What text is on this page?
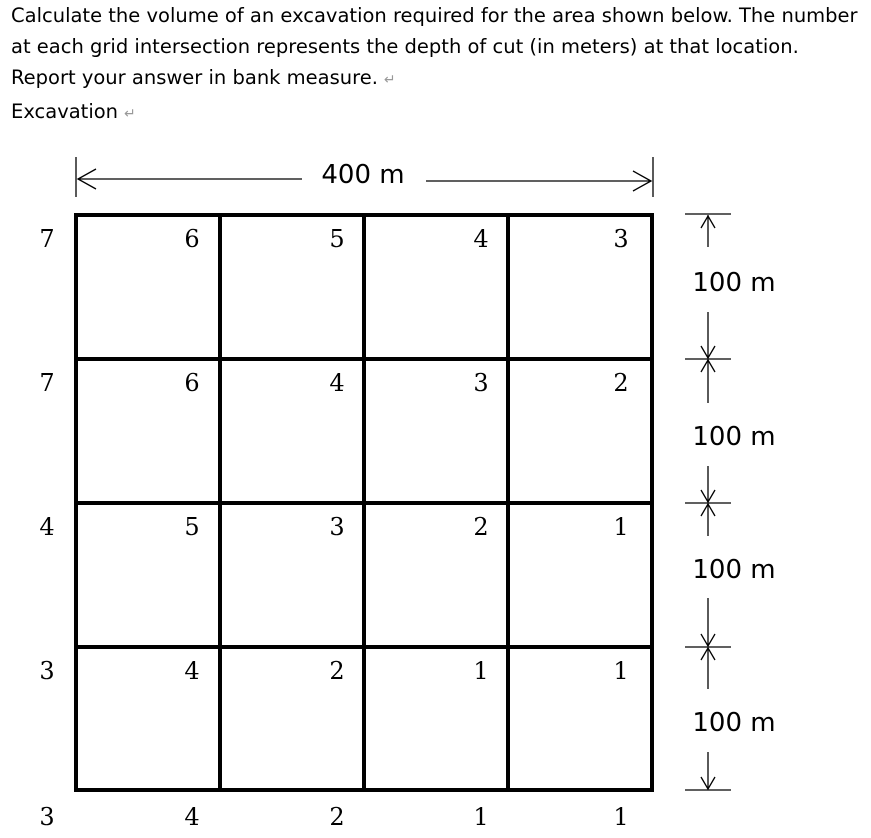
Calculate the volume of an excavation required for the area shown below. The number at each grid intersection represents the depth of cut (in meters) at that location. Report your answer in bank measure. ↵

Excavation ↵

400 m
7	6	5	4	3
7	6	4	3	2
4	5	3	2	1
3	4	2	1	1
3	4	2	1	1
100 m
100 m
100 m
100 m
